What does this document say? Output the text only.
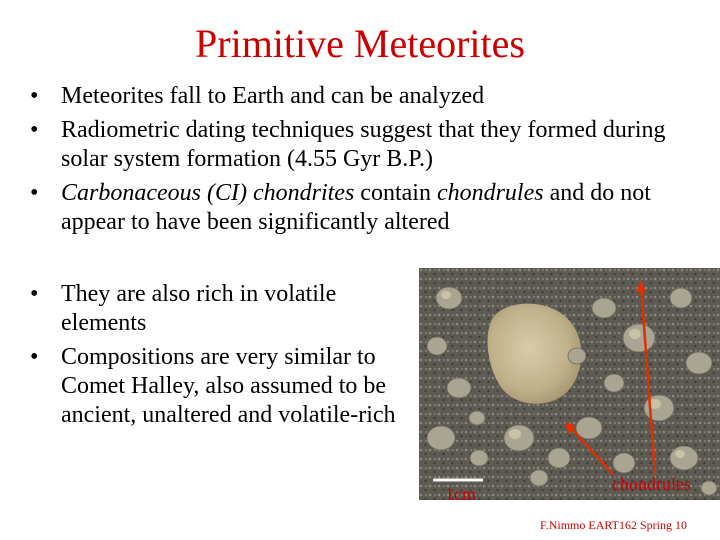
Primitive Meteorites
• Meteorites fall to Earth and can be analyzed
• Radiometric dating techniques suggest that they formed during solar system formation (4.55 Gyr B.P.)
• Carbonaceous (CI) chondrites contain chondrules and do not appear to have been significantly altered
• They are also rich in volatile elements
• Compositions are very similar to Comet Halley, also assumed to be ancient, unaltered and volatile-rich
1cm	chondrules
F.Nimmo EART162 Spring 10
